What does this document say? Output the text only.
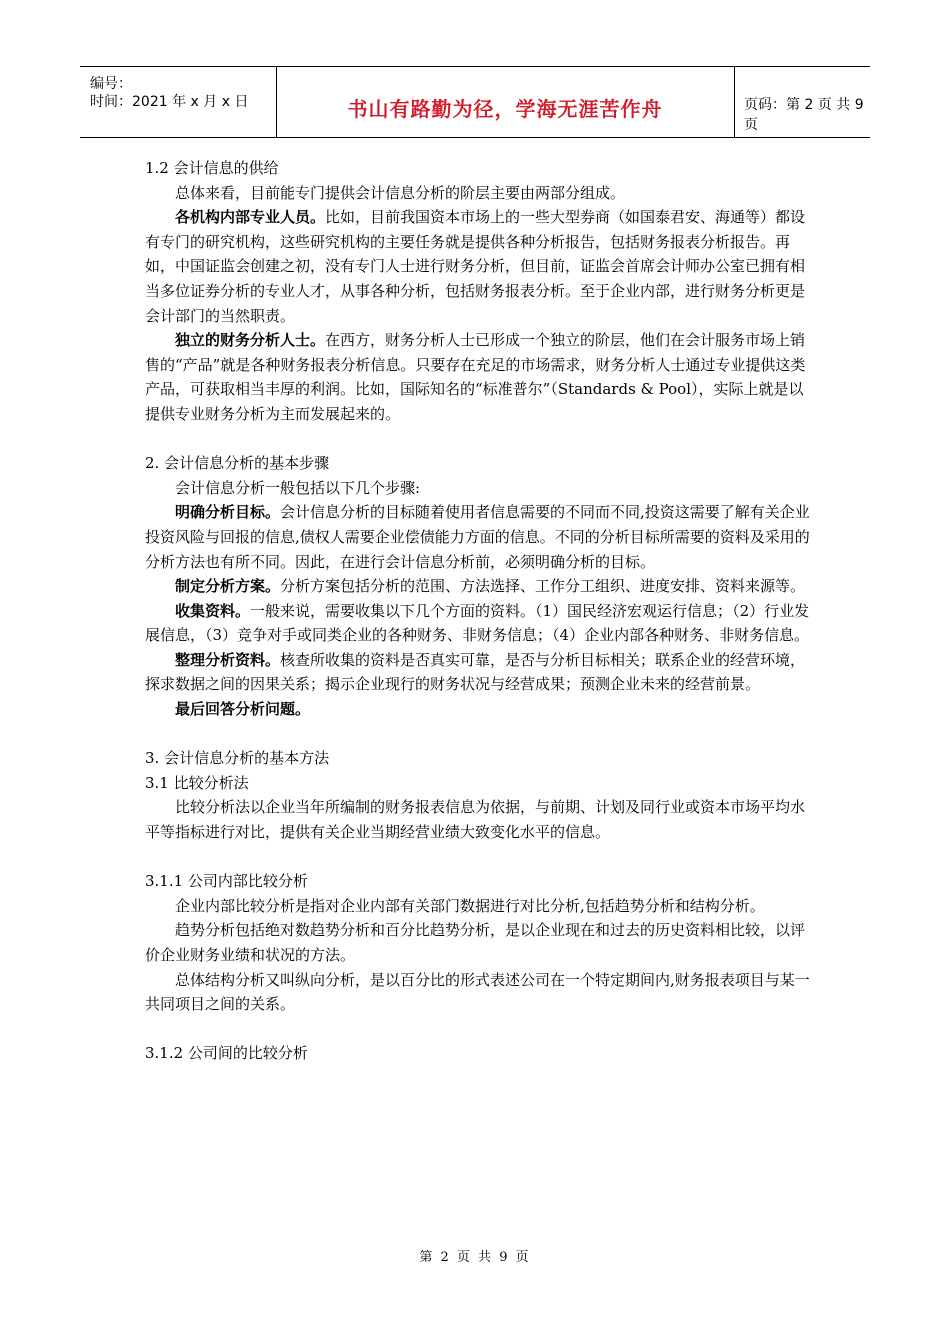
编号：
时间：2021 年 x 月 x 日	书山有路勤为径，学海无涯苦作舟	页码：第 2 页 共 9 页

1.2 会计信息的供给

总体来看，目前能专门提供会计信息分析的阶层主要由两部分组成。

各机构内部专业人员。比如，目前我国资本市场上的一些大型券商（如国泰君安、海通等）都设有专门的研究机构，这些研究机构的主要任务就是提供各种分析报告，包括财务报表分析报告。再如，中国证监会创建之初，没有专门人士进行财务分析，但目前，证监会首席会计师办公室已拥有相当多位证券分析的专业人才，从事各种分析，包括财务报表分析。至于企业内部，进行财务分析更是会计部门的当然职责。

独立的财务分析人士。在西方，财务分析人士已形成一个独立的阶层，他们在会计服务市场上销售的“产品”就是各种财务报表分析信息。只要存在充足的市场需求，财务分析人士通过专业提供这类产品，可获取相当丰厚的利润。比如，国际知名的“标准普尔”（Standards & Pool），实际上就是以提供专业财务分析为主而发展起来的。

2. 会计信息分析的基本步骤

会计信息分析一般包括以下几个步骤:

明确分析目标。会计信息分析的目标随着使用者信息需要的不同而不同,投资这需要了解有关企业投资风险与回报的信息,债权人需要企业偿债能力方面的信息。不同的分析目标所需要的资料及采用的分析方法也有所不同。因此，在进行会计信息分析前，必须明确分析的目标。

制定分析方案。分析方案包括分析的范围、方法选择、工作分工组织、进度安排、资料来源等。

收集资料。一般来说，需要收集以下几个方面的资料。（1）国民经济宏观运行信息；（2）行业发展信息，（3）竞争对手或同类企业的各种财务、非财务信息；（4）企业内部各种财务、非财务信息。

整理分析资料。核查所收集的资料是否真实可靠，是否与分析目标相关；联系企业的经营环境，探求数据之间的因果关系；揭示企业现行的财务状况与经营成果；预测企业未来的经营前景。

最后回答分析问题。

3. 会计信息分析的基本方法

3.1 比较分析法

比较分析法以企业当年所编制的财务报表信息为依据，与前期、计划及同行业或资本市场平均水平等指标进行对比，提供有关企业当期经营业绩大致变化水平的信息。

3.1.1 公司内部比较分析

企业内部比较分析是指对企业内部有关部门数据进行对比分析,包括趋势分析和结构分析。

趋势分析包括绝对数趋势分析和百分比趋势分析，是以企业现在和过去的历史资料相比较，以评价企业财务业绩和状况的方法。

总体结构分析又叫纵向分析，是以百分比的形式表述公司在一个特定期间内,财务报表项目与某一共同项目之间的关系。

3.1.2 公司间的比较分析

第 2 页 共 9 页
